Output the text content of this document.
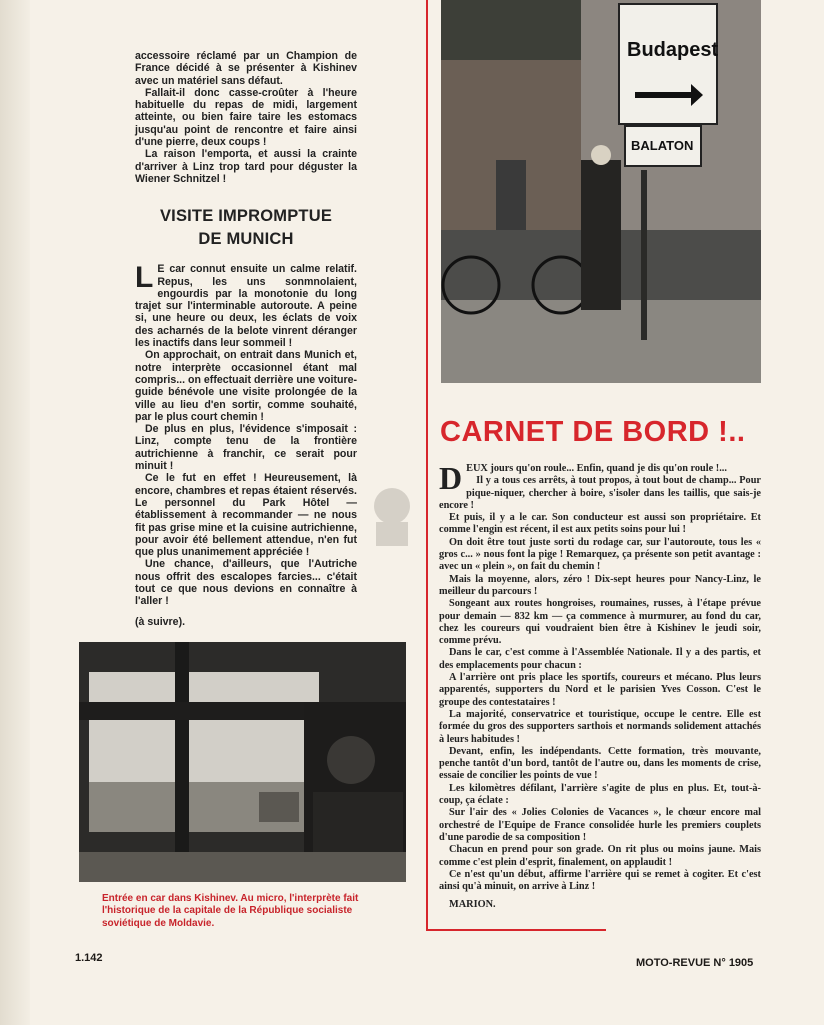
accessoire réclamé par un Champion de France décidé à se présenter à Kishinev avec un matériel sans défaut.

Fallait-il donc casse-croûter à l'heure habituelle du repas de midi, largement atteinte, ou bien faire taire les estomacs jusqu'au point de rencontre et faire ainsi d'une pierre, deux coups !

La raison l'emporta, et aussi la crainte d'arriver à Linz trop tard pour déguster la Wiener Schnitzel !

VISITE IMPROMPTUE
DE MUNICH

L E car connut ensuite un calme relatif. Repus, les uns sonmnolaient, engourdis par la monotonie du long trajet sur l'interminable autoroute. A peine si, une heure ou deux, les éclats de voix des acharnés de la belote vinrent déranger les inactifs dans leur sommeil !

On approchait, on entrait dans Munich et, notre interprète occasionnel étant mal compris... on effectuait derrière une voiture-guide bénévole une visite prolongée de la ville au lieu d'en sortir, comme souhaité, par le plus court chemin !

De plus en plus, l'évidence s'imposait : Linz, compte tenu de la frontière autrichienne à franchir, ce serait pour minuit !

Ce le fut en effet ! Heureusement, là encore, chambres et repas étaient réservés. Le personnel du Park Hôtel — établissement à recommander — ne nous fit pas grise mine et la cuisine autrichienne, pour avoir été bellement attendue, n'en fut que plus unanimement appréciée !

Une chance, d'ailleurs, que l'Autriche nous offrit des escalopes farcies... c'était tout ce que nous devions en connaître à l'aller !

(à suivre).

Budapest
BALATON
CARNET DE BORD !..

DEUX jours qu'on roule... Enfin, quand je dis qu'on roule !...

Il y a tous ces arrêts, à tout propos, à tout bout de champ... Pour pique-niquer, chercher à boire, s'isoler dans les taillis, que sais-je encore !

Et puis, il y a le car. Son conducteur est aussi son propriétaire. Et comme l'engin est récent, il est aux petits soins pour lui !

On doit être tout juste sorti du rodage car, sur l'autoroute, tous les « gros c... » nous font la pige ! Remarquez, ça présente son petit avantage : avec un « plein », on fait du chemin !

Mais la moyenne, alors, zéro ! Dix-sept heures pour Nancy-Linz, le meilleur du parcours !

Songeant aux routes hongroises, roumaines, russes, à l'étape prévue pour demain — 832 km — ça commence à murmurer, au fond du car, chez les coureurs qui voudraient bien être à Kishinev le jeudi soir, comme prévu.

Dans le car, c'est comme à l'Assemblée Nationale. Il y a des partis, et des emplacements pour chacun :

A l'arrière ont pris place les sportifs, coureurs et mécano. Plus leurs apparentés, supporters du Nord et le parisien Yves Cosson. C'est le groupe des contestataires !

La majorité, conservatrice et touristique, occupe le centre. Elle est formée du gros des supporters sarthois et normands solidement attachés à leurs habitudes !

Devant, enfin, les indépendants. Cette formation, très mouvante, penche tantôt d'un bord, tantôt de l'autre ou, dans les moments de crise, essaie de concilier les points de vue !

Les kilomètres défilant, l'arrière s'agite de plus en plus. Et, tout-à-coup, ça éclate :

Sur l'air des « Jolies Colonies de Vacances », le chœur encore mal orchestré de l'Equipe de France consolidée hurle les premiers couplets d'une parodie de sa composition !

Chacun en prend pour son grade. On rit plus ou moins jaune. Mais comme c'est plein d'esprit, finalement, on applaudit !

Ce n'est qu'un début, affirme l'arrière qui se remet à cogiter. Et c'est ainsi qu'à minuit, on arrive à Linz !

MARION.

Entrée en car dans Kishinev. Au micro, l'interprète fait l'historique de la capitale de la République socialiste soviétique de Moldavie.
1.142	MOTO-REVUE N° 1905
